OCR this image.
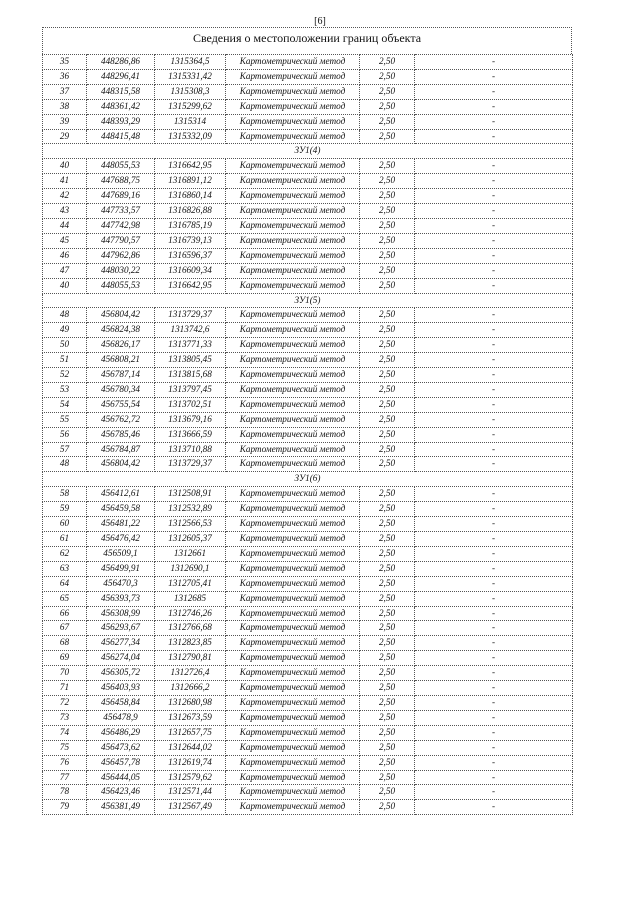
[6]
Сведения о местоположении границ объекта
35	448286,86	1315364,5	Картометрический метод	2,50	-
36	448296,41	1315331,42	Картометрический метод	2,50	-
37	448315,58	1315308,3	Картометрический метод	2,50	-
38	448361,42	1315299,62	Картометрический метод	2,50	-
39	448393,29	1315314	Картометрический метод	2,50	-
29	448415,48	1315332,09	Картометрический метод	2,50	-
ЗУ1(4)					
40	448055,53	1316642,95	Картометрический метод	2,50	-
41	447688,75	1316891,12	Картометрический метод	2,50	-
42	447689,16	1316860,14	Картометрический метод	2,50	-
43	447733,57	1316826,88	Картометрический метод	2,50	-
44	447742,98	1316785,19	Картометрический метод	2,50	-
45	447790,57	1316739,13	Картометрический метод	2,50	-
46	447962,86	1316596,37	Картометрический метод	2,50	-
47	448030,22	1316609,34	Картометрический метод	2,50	-
40	448055,53	1316642,95	Картометрический метод	2,50	-
ЗУ1(5)					
48	456804,42	1313729,37	Картометрический метод	2,50	-
49	456824,38	1313742,6	Картометрический метод	2,50	-
50	456826,17	1313771,33	Картометрический метод	2,50	-
51	456808,21	1313805,45	Картометрический метод	2,50	-
52	456787,14	1313815,68	Картометрический метод	2,50	-
53	456780,34	1313797,45	Картометрический метод	2,50	-
54	456755,54	1313702,51	Картометрический метод	2,50	-
55	456762,72	1313679,16	Картометрический метод	2,50	-
56	456785,46	1313666,59	Картометрический метод	2,50	-
57	456784,87	1313710,88	Картометрический метод	2,50	-
48	456804,42	1313729,37	Картометрический метод	2,50	-
ЗУ1(6)					
58	456412,61	1312508,91	Картометрический метод	2,50	-
59	456459,58	1312532,89	Картометрический метод	2,50	-
60	456481,22	1312566,53	Картометрический метод	2,50	-
61	456476,42	1312605,37	Картометрический метод	2,50	-
62	456509,1	1312661	Картометрический метод	2,50	-
63	456499,91	1312690,1	Картометрический метод	2,50	-
64	456470,3	1312705,41	Картометрический метод	2,50	-
65	456393,73	1312685	Картометрический метод	2,50	-
66	456308,99	1312746,26	Картометрический метод	2,50	-
67	456293,67	1312766,68	Картометрический метод	2,50	-
68	456277,34	1312823,85	Картометрический метод	2,50	-
69	456274,04	1312790,81	Картометрический метод	2,50	-
70	456305,72	1312726,4	Картометрический метод	2,50	-
71	456403,93	1312666,2	Картометрический метод	2,50	-
72	456458,84	1312680,98	Картометрический метод	2,50	-
73	456478,9	1312673,59	Картометрический метод	2,50	-
74	456486,29	1312657,75	Картометрический метод	2,50	-
75	456473,62	1312644,02	Картометрический метод	2,50	-
76	456457,78	1312619,74	Картометрический метод	2,50	-
77	456444,05	1312579,62	Картометрический метод	2,50	-
78	456423,46	1312571,44	Картометрический метод	2,50	-
79	456381,49	1312567,49	Картометрический метод	2,50	-
